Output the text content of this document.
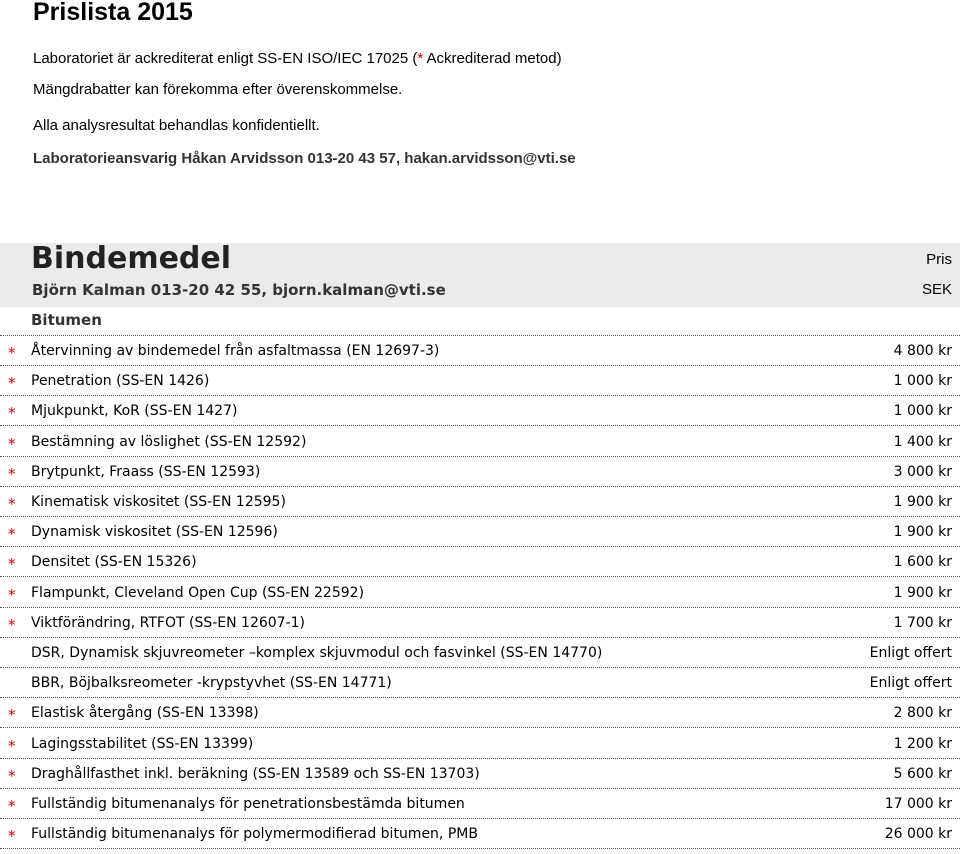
Prislista 2015
Laboratoriet är ackrediterat enligt SS-EN ISO/IEC 17025 (* Ackrediterad metod)
Mängdrabatter kan förekomma efter överenskommelse.
Alla analysresultat behandlas konfidentiellt.
Laboratorieansvarig Håkan Arvidsson 013-20 43 57, hakan.arvidsson@vti.se
Bindemedel
Björn Kalman 013-20 42 55, bjorn.kalman@vti.se
Pris
SEK
Bitumen
* Återvinning av bindemedel från asfaltmassa (EN 12697-3)	4 800 kr
* Penetration (SS-EN 1426)	1 000 kr
* Mjukpunkt, KoR (SS-EN 1427)	1 000 kr
* Bestämning av löslighet (SS-EN 12592)	1 400 kr
* Brytpunkt, Fraass (SS-EN 12593)	3 000 kr
* Kinematisk viskositet (SS-EN 12595)	1 900 kr
* Dynamisk viskositet (SS-EN 12596)	1 900 kr
* Densitet (SS-EN 15326)	1 600 kr
* Flampunkt, Cleveland Open Cup (SS-EN 22592)	1 900 kr
* Viktförändring, RTFOT (SS-EN 12607-1)	1 700 kr
DSR, Dynamisk skjuvreometer –komplex skjuvmodul och fasvinkel (SS-EN 14770)	Enligt offert
BBR, Böjbalksreometer -krypstyvhet (SS-EN 14771)	Enligt offert
* Elastisk återgång (SS-EN 13398)	2 800 kr
* Lagingsstabilitet (SS-EN 13399)	1 200 kr
* Draghållfasthet inkl. beräkning (SS-EN 13589 och SS-EN 13703)	5 600 kr
* Fullständig bitumenanalys för penetrationsbestämda bitumen	17 000 kr
* Fullständig bitumenanalys för polymermodifierad bitumen, PMB	26 000 kr
